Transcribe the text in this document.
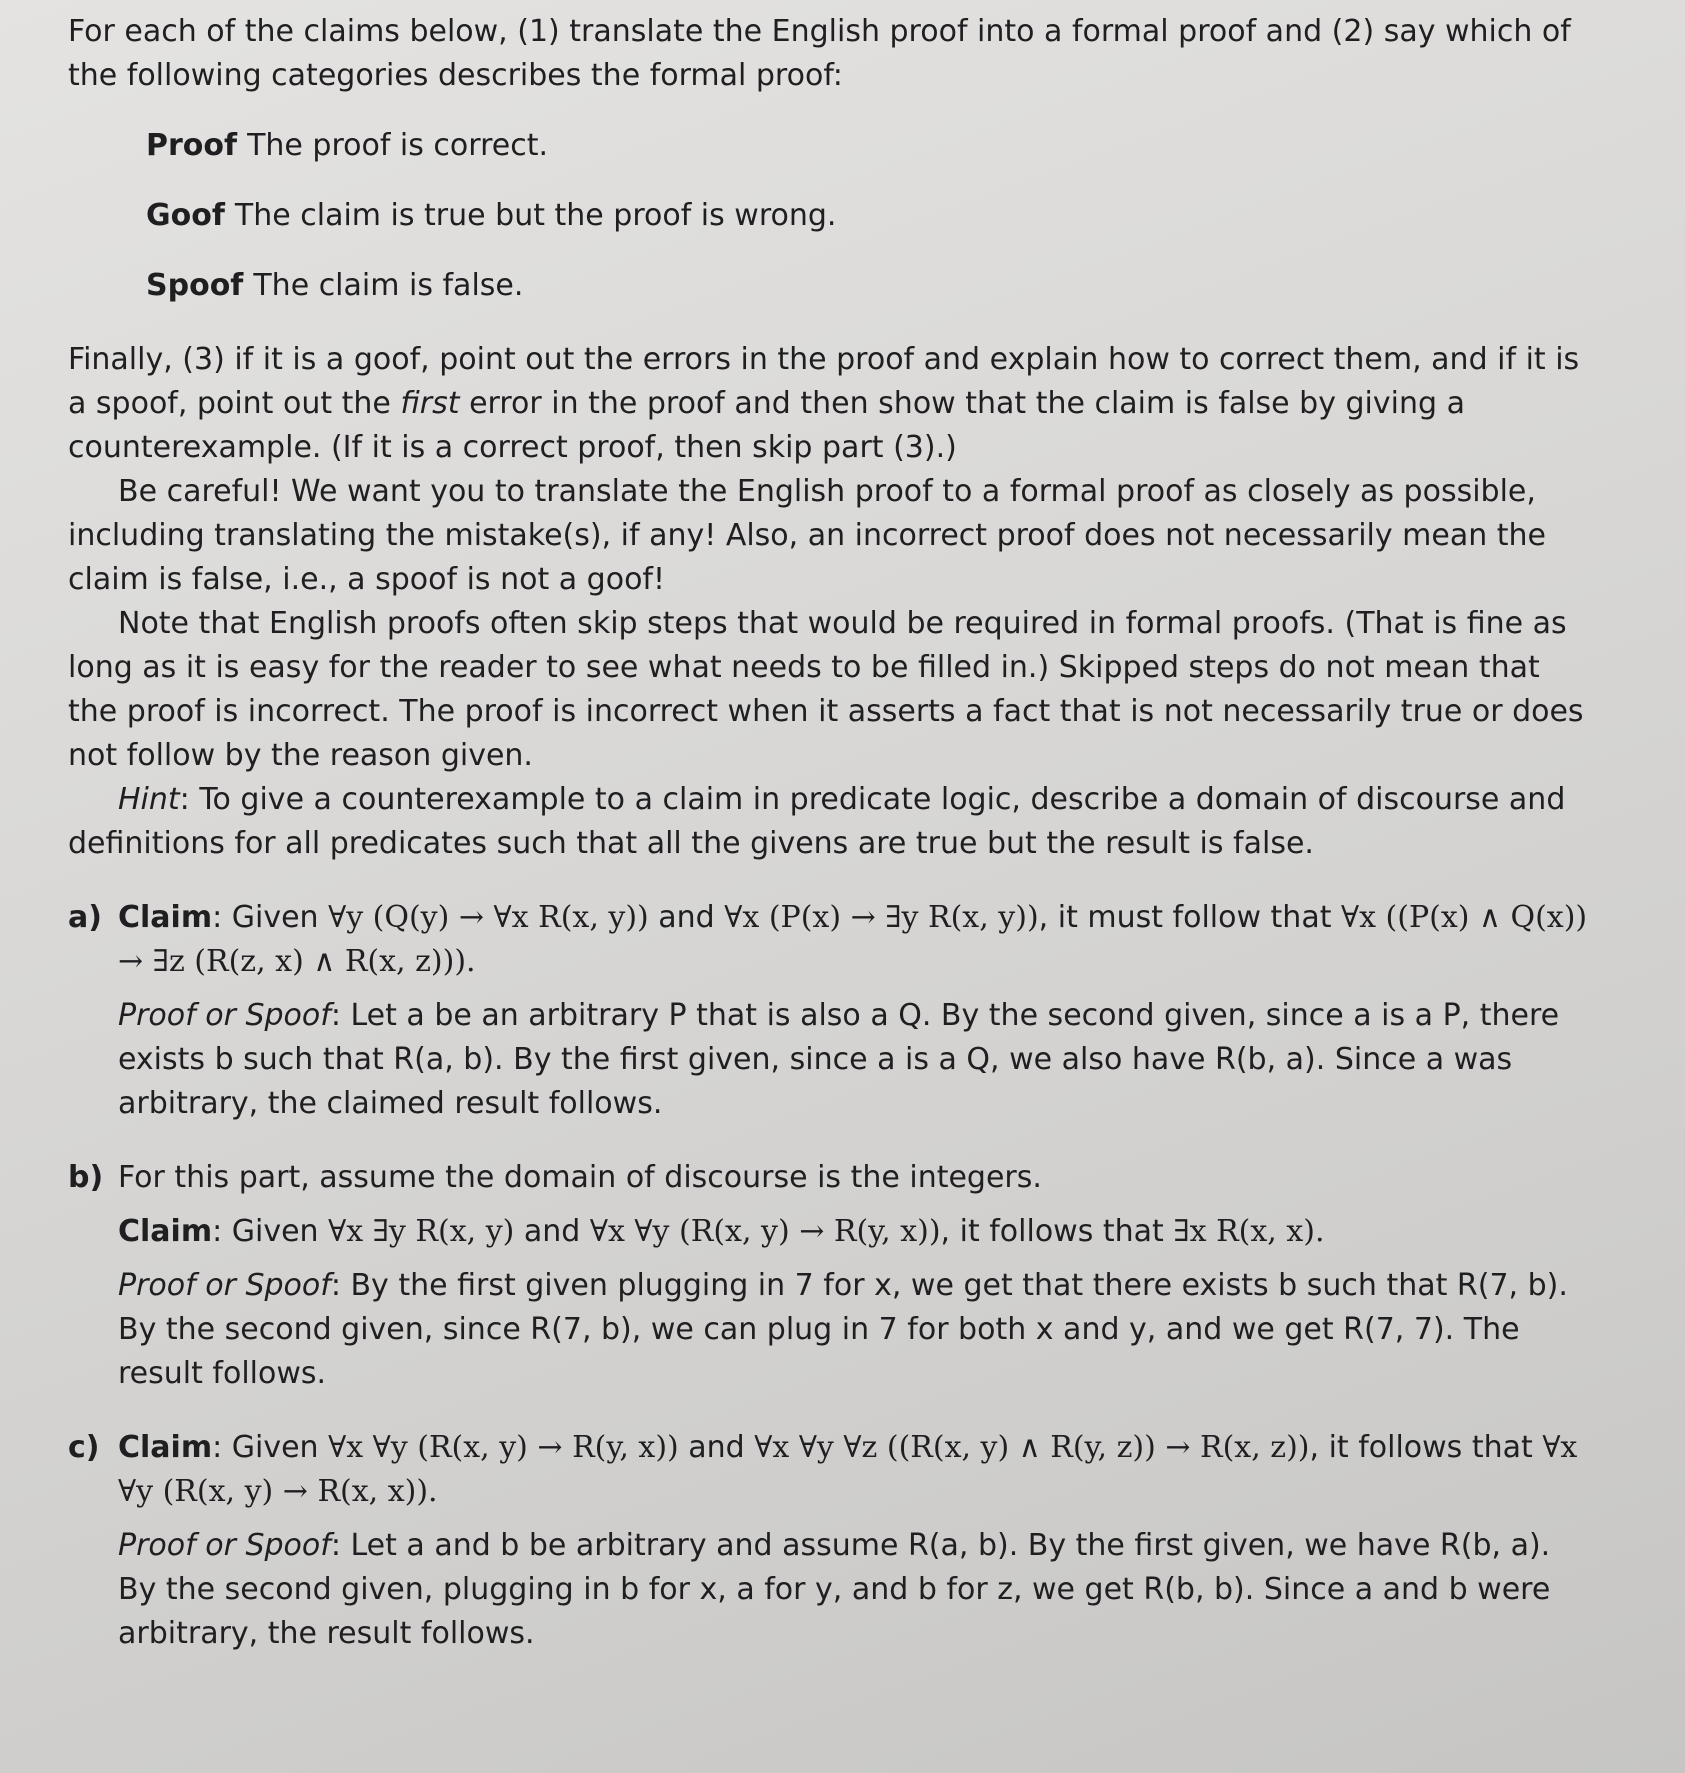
For each of the claims below, (1) translate the English proof into a formal proof and (2) say which of the following categories describes the formal proof:

Proof The proof is correct.

Goof The claim is true but the proof is wrong.

Spoof The claim is false.

Finally, (3) if it is a goof, point out the errors in the proof and explain how to correct them, and if it is a spoof, point out the first error in the proof and then show that the claim is false by giving a counterexample. (If it is a correct proof, then skip part (3).)

Be careful! We want you to translate the English proof to a formal proof as closely as possible, including translating the mistake(s), if any! Also, an incorrect proof does not necessarily mean the claim is false, i.e., a spoof is not a goof!

Note that English proofs often skip steps that would be required in formal proofs. (That is fine as long as it is easy for the reader to see what needs to be filled in.) Skipped steps do not mean that the proof is incorrect. The proof is incorrect when it asserts a fact that is not necessarily true or does not follow by the reason given.

Hint: To give a counterexample to a claim in predicate logic, describe a domain of discourse and definitions for all predicates such that all the givens are true but the result is false.

a) Claim: Given ∀y (Q(y) → ∀x R(x, y)) and ∀x (P(x) → ∃y R(x, y)), it must follow that ∀x ((P(x) ∧ Q(x)) → ∃z (R(z, x) ∧ R(x, z))).

Proof or Spoof: Let a be an arbitrary P that is also a Q. By the second given, since a is a P, there exists b such that R(a, b). By the first given, since a is a Q, we also have R(b, a). Since a was arbitrary, the claimed result follows.

b) For this part, assume the domain of discourse is the integers.

Claim: Given ∀x ∃y R(x, y) and ∀x ∀y (R(x, y) → R(y, x)), it follows that ∃x R(x, x).

Proof or Spoof: By the first given plugging in 7 for x, we get that there exists b such that R(7, b). By the second given, since R(7, b), we can plug in 7 for both x and y, and we get R(7, 7). The result follows.

c) Claim: Given ∀x ∀y (R(x, y) → R(y, x)) and ∀x ∀y ∀z ((R(x, y) ∧ R(y, z)) → R(x, z)), it follows that ∀x ∀y (R(x, y) → R(x, x)).

Proof or Spoof: Let a and b be arbitrary and assume R(a, b). By the first given, we have R(b, a). By the second given, plugging in b for x, a for y, and b for z, we get R(b, b). Since a and b were arbitrary, the result follows.
